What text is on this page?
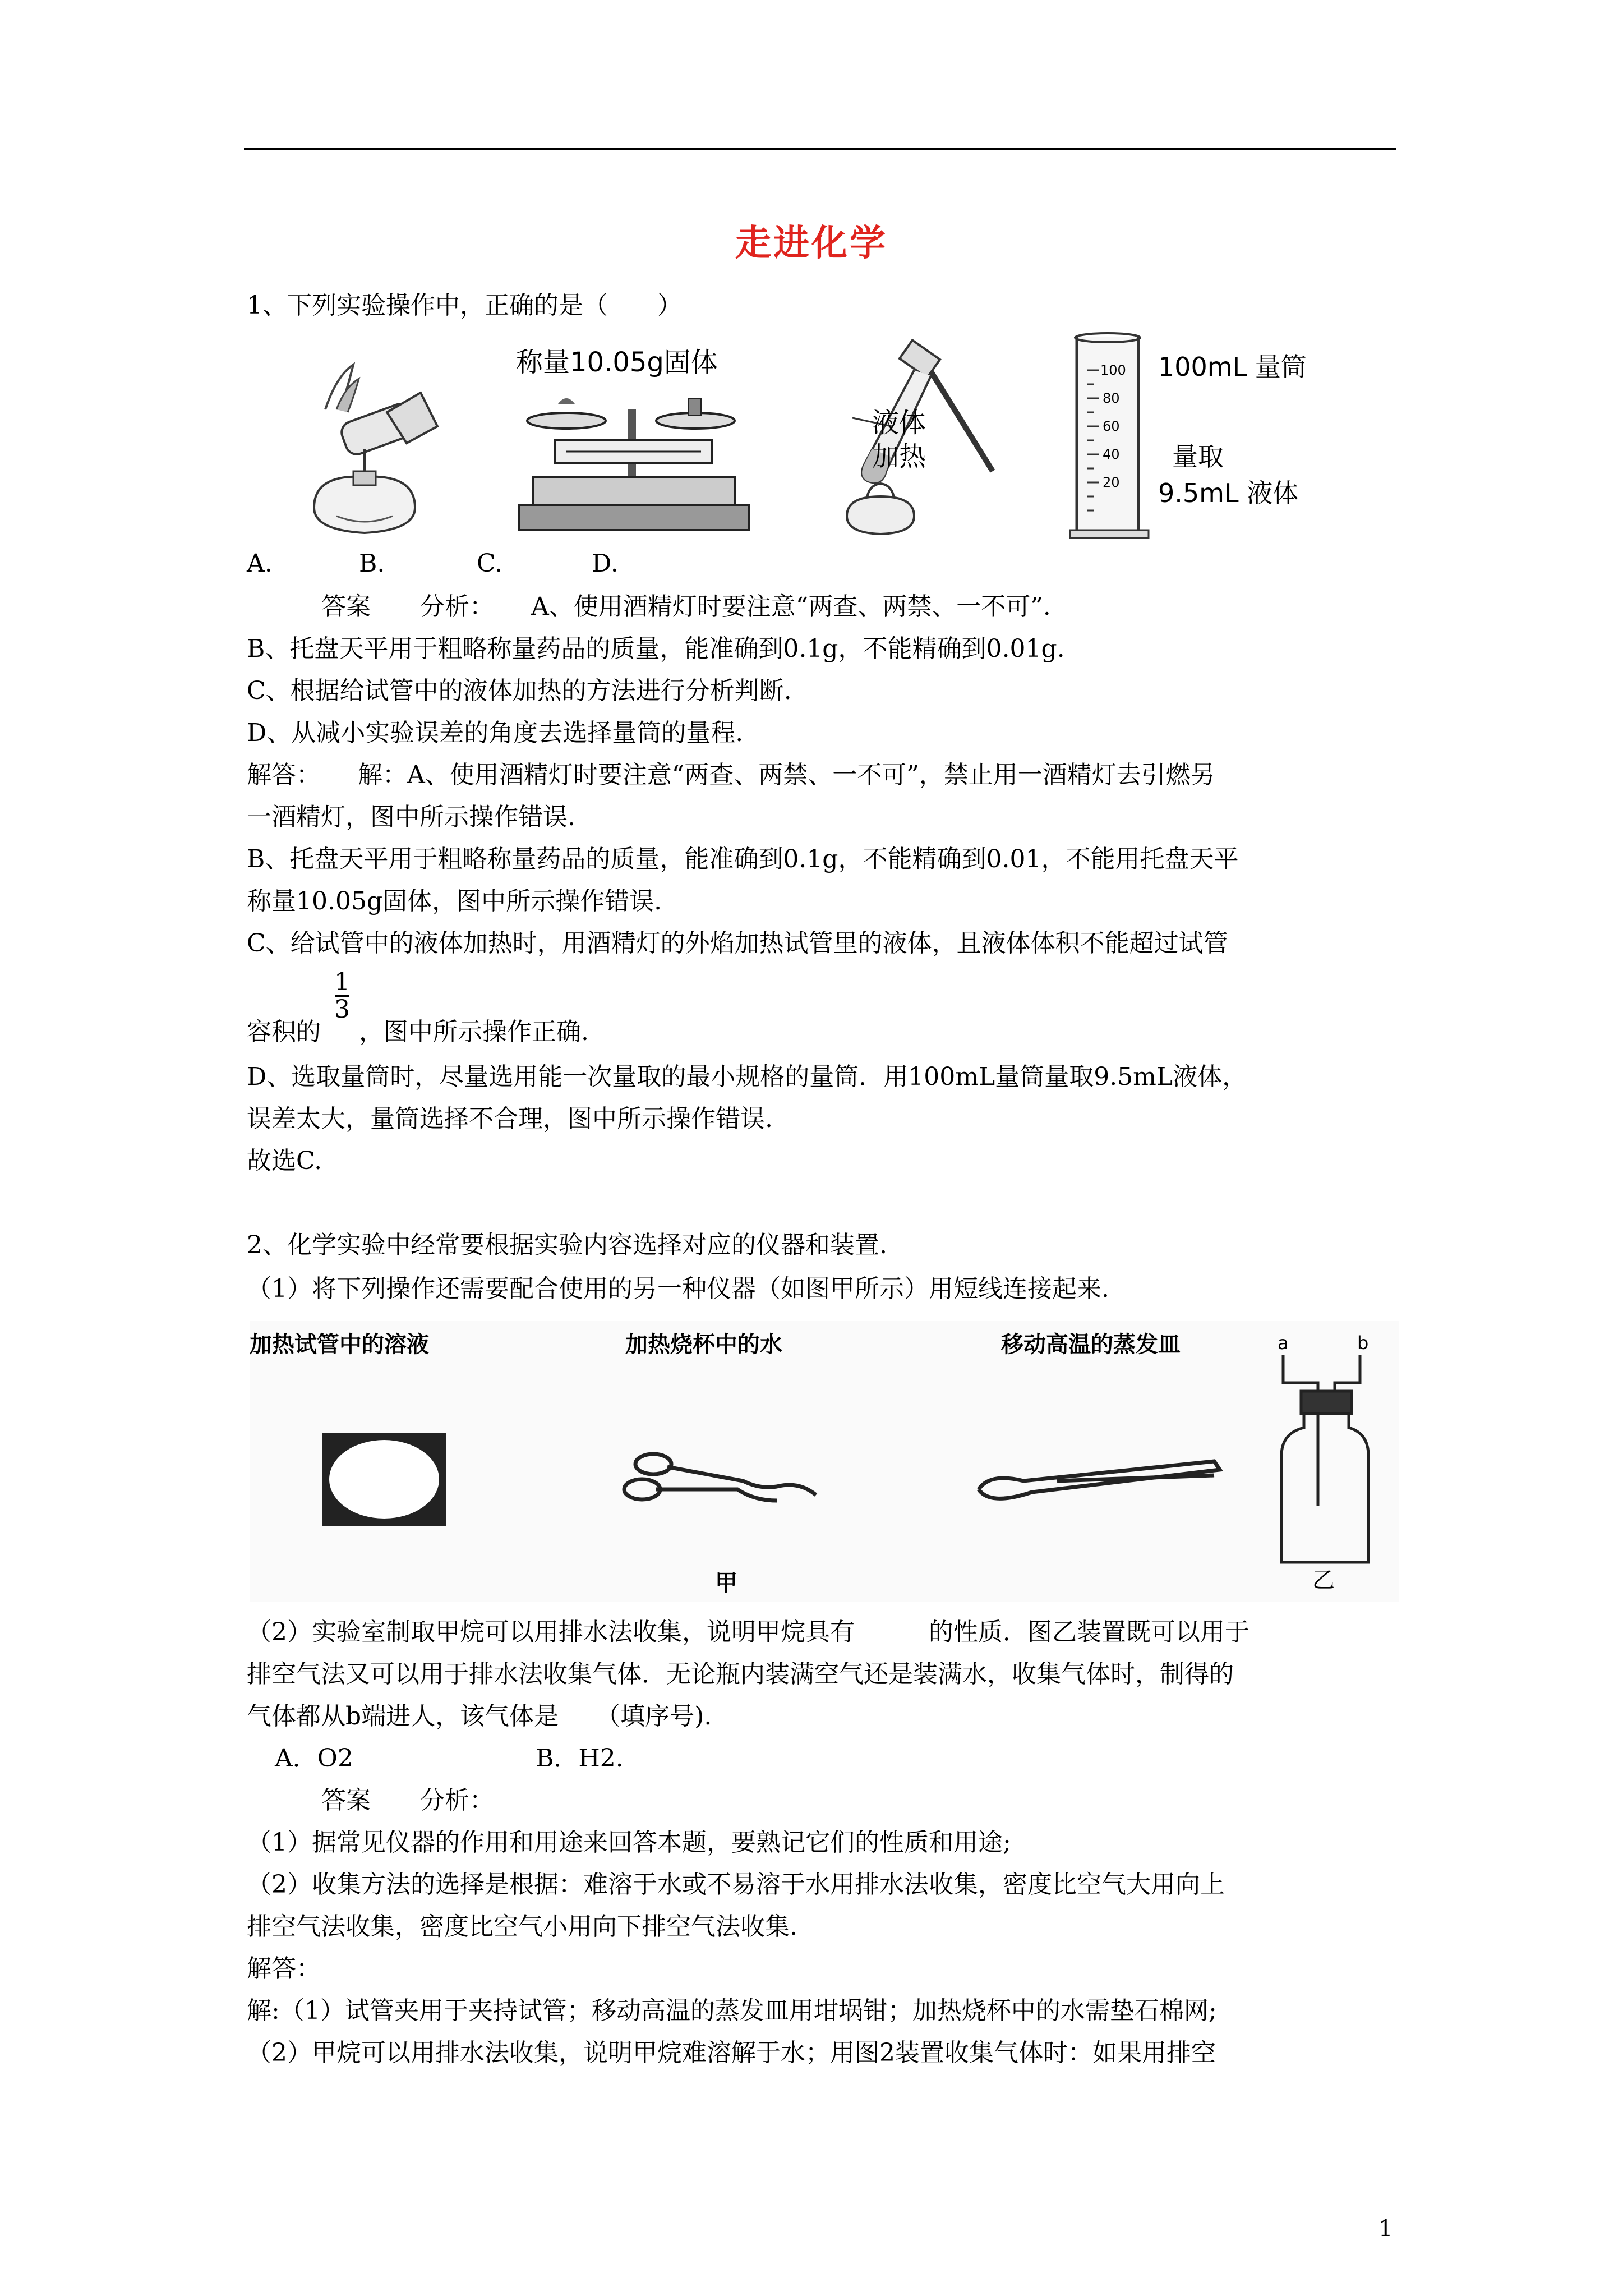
走进化学
1、下列实验操作中，正确的是（　　）
称量10.05g固体
液体
加热
100
80
60
40
20
100mL 量筒
量取
9.5mL 液体
A.	B.	C.	D.
答案　　分析：　　A、使用酒精灯时要注意“两查、两禁、一不可”.
B、托盘天平用于粗略称量药品的质量，能准确到0.1g，不能精确到0.01g.
C、根据给试管中的液体加热的方法进行分析判断.
D、从减小实验误差的角度去选择量筒的量程.
解答：　　解：A、使用酒精灯时要注意“两查、两禁、一不可”，禁止用一酒精灯去引燃另
一酒精灯，图中所示操作错误.
B、托盘天平用于粗略称量药品的质量，能准确到0.1g，不能精确到0.01，不能用托盘天平
称量10.05g固体，图中所示操作错误.
C、给试管中的液体加热时，用酒精灯的外焰加热试管里的液体，且液体体积不能超过试管
1
3
容积的 ，图中所示操作正确.
D、选取量筒时，尽量选用能一次量取的最小规格的量筒．用100mL量筒量取9.5mL液体，
误差太大，量筒选择不合理，图中所示操作错误.
故选C.
2、化学实验中经常要根据实验内容选择对应的仪器和装置.
（1）将下列操作还需要配合使用的另一种仪器（如图甲所示）用短线连接起来.
加热试管中的溶液	加热烧杯中的水	移动高温的蒸发皿	a	b
甲	乙
（2）实验室制取甲烷可以用排水法收集，说明甲烷具有　　　的性质．图乙装置既可以用于
排空气法又可以用于排水法收集气体．无论瓶内装满空气还是装满水，收集气体时，制得的
气体都从b端进人，该气体是　　（填序号).
A．O2	B．H2.
答案　　分析：
（1）据常见仪器的作用和用途来回答本题，要熟记它们的性质和用途;
（2）收集方法的选择是根据：难溶于水或不易溶于水用排水法收集，密度比空气大用向上
排空气法收集，密度比空气小用向下排空气法收集.
解答：
解:（1）试管夹用于夹持试管；移动高温的蒸发皿用坩埚钳；加热烧杯中的水需垫石棉网;
（2）甲烷可以用排水法收集，说明甲烷难溶解于水；用图2装置收集气体时：如果用排空
1
